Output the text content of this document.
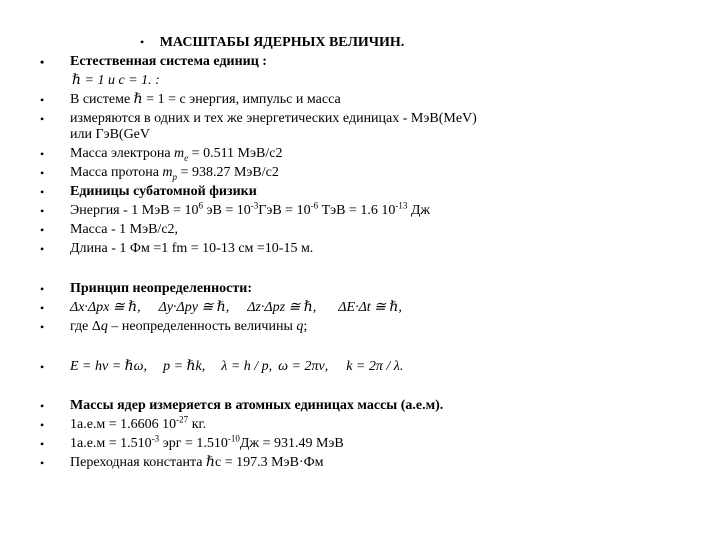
• МАСШТАБЫ ЯДЕРНЫХ ВЕЛИЧИН.
• Естественная система единиц :
ℏ = 1 и c = 1. :
• В системе ℏ = 1 = c энергия, импульс и масса
• измеряются в одних и тех же энергетических единицах - МэВ(MeV)
или ГэВ(GeV
• Масса электрона $m_e = 0.511$ МэВ/с2
• Масса протона $m_p = 938.27$ МэВ/с2
• Единицы субатомной физики
• Энергия - 1 МэВ = $10^6$ эВ = $10^{-3}ГэВ = 10^{-6}$ ТэВ = 1.6 $10^{-13}$ Дж
• Масса - 1 МэВ/c2,
• Длина - 1 Фм =1 fm = 10-13 см =10-15 м.
• Принцип неопределенности:
• Δx·Δpx ≅ ℏ, Δy·Δpy ≅ ℏ, Δz·Δpz ≅ ℏ, ΔE·Δt ≅ ℏ,
• где Δq – неопределенность величины q;
• E = hν = ℏω, p = ℏk, λ = h / p, ω = 2πν, k = 2π / λ.
• Массы ядер измеряется в атомных единицах массы (а.е.м).
• 1а.е.м = 1.6606 $10^{-27}$ кг.
• $1а.е.м = 1.510^{-3}$ эрг = $1.510^{-10}Дж = 931.49$ МэВ
• Переходная константа ℏc = 197.3 МэВ·Фм
